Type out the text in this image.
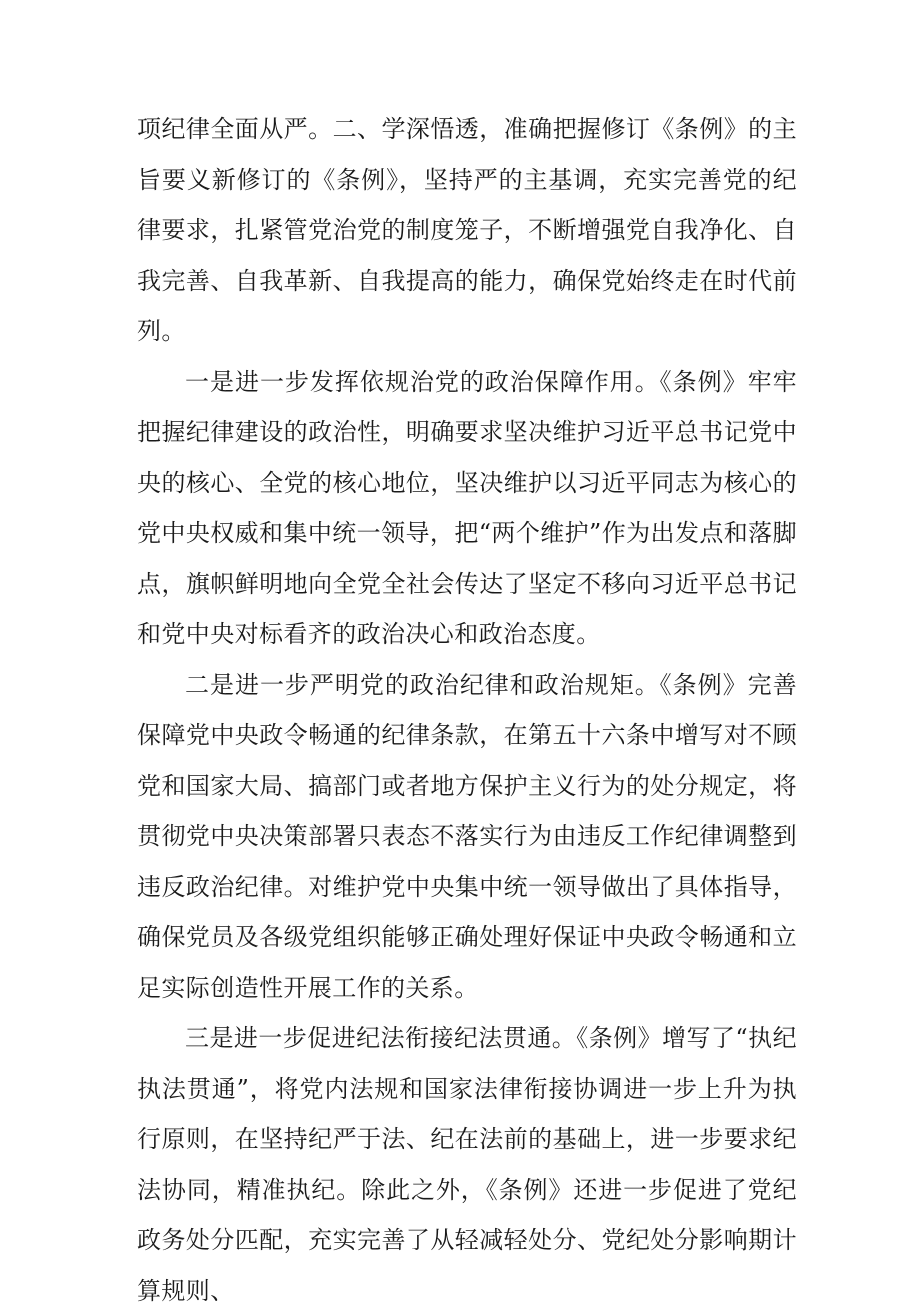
项纪律全面从严。二、学深悟透，准确把握修订《条例》的主旨要义新修订的《条例》，坚持严的主基调，充实完善党的纪律要求，扎紧管党治党的制度笼子，不断增强党自我净化、自我完善、自我革新、自我提高的能力，确保党始终走在时代前列。

一是进一步发挥依规治党的政治保障作用。《条例》牢牢把握纪律建设的政治性，明确要求坚决维护习近平总书记党中央的核心、全党的核心地位，坚决维护以习近平同志为核心的党中央权威和集中统一领导，把“两个维护”作为出发点和落脚点，旗帜鲜明地向全党全社会传达了坚定不移向习近平总书记和党中央对标看齐的政治决心和政治态度。

二是进一步严明党的政治纪律和政治规矩。《条例》完善保障党中央政令畅通的纪律条款，在第五十六条中增写对不顾党和国家大局、搞部门或者地方保护主义行为的处分规定，将贯彻党中央决策部署只表态不落实行为由违反工作纪律调整到违反政治纪律。对维护党中央集中统一领导做出了具体指导，确保党员及各级党组织能够正确处理好保证中央政令畅通和立足实际创造性开展工作的关系。

三是进一步促进纪法衔接纪法贯通。《条例》增写了“执纪执法贯通”，将党内法规和国家法律衔接协调进一步上升为执行原则，在坚持纪严于法、纪在法前的基础上，进一步要求纪法协同，精准执纪。除此之外，《条例》还进一步促进了党纪政务处分匹配，充实完善了从轻减轻处分、党纪处分影响期计算规则、
